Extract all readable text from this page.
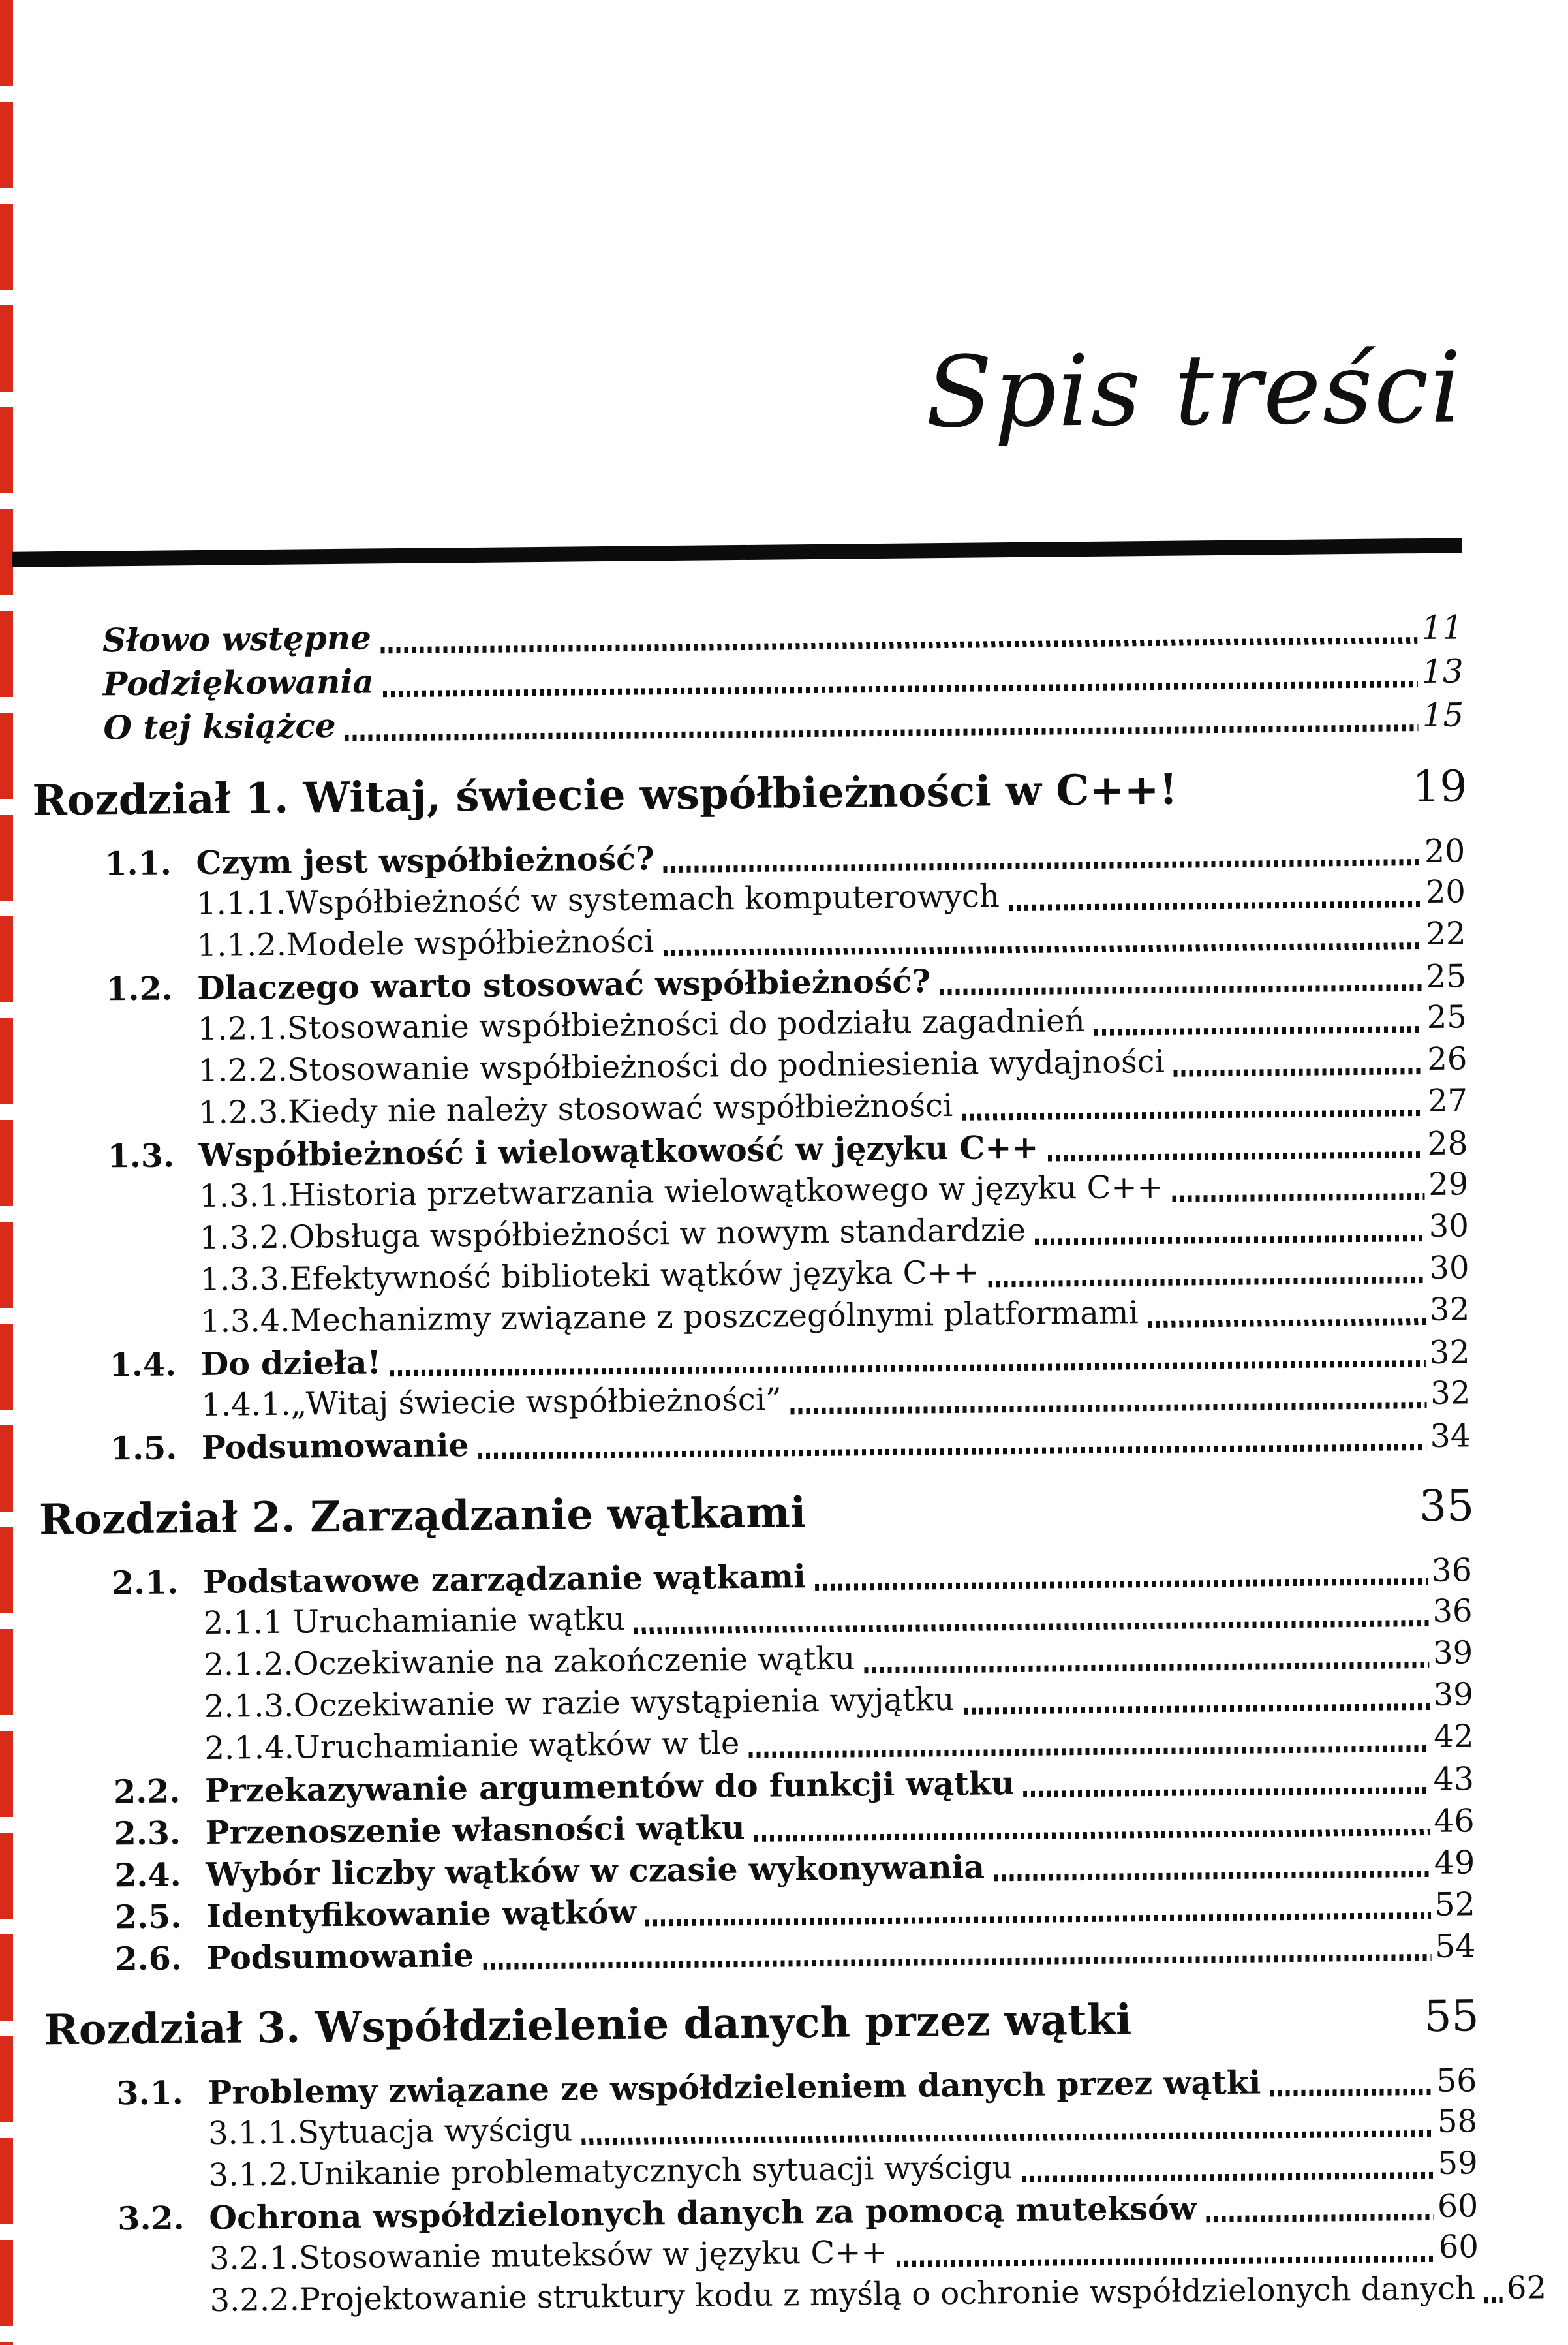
Spis treści
Słowo wstępne	11
Podziękowania	13
O tej książce	15
Rozdział 1. Witaj, świecie współbieżności w C++!	19
1.1. Czym jest współbieżność?	20
1.1.1. Współbieżność w systemach komputerowych	20
1.1.2. Modele współbieżności	22
1.2. Dlaczego warto stosować współbieżność?	25
1.2.1. Stosowanie współbieżności do podziału zagadnień	25
1.2.2. Stosowanie współbieżności do podniesienia wydajności	26
1.2.3. Kiedy nie należy stosować współbieżności	27
1.3. Współbieżność i wielowątkowość w języku C++	28
1.3.1. Historia przetwarzania wielowątkowego w języku C++	29
1.3.2. Obsługa współbieżności w nowym standardzie	30
1.3.3. Efektywność biblioteki wątków języka C++	30
1.3.4. Mechanizmy związane z poszczególnymi platformami	32
1.4. Do dzieła!	32
1.4.1. „Witaj świecie współbieżności”	32
1.5. Podsumowanie	34
Rozdział 2. Zarządzanie wątkami	35
2.1. Podstawowe zarządzanie wątkami	36
2.1.1 Uruchamianie wątku	36
2.1.2. Oczekiwanie na zakończenie wątku	39
2.1.3. Oczekiwanie w razie wystąpienia wyjątku	39
2.1.4. Uruchamianie wątków w tle	42
2.2. Przekazywanie argumentów do funkcji wątku	43
2.3. Przenoszenie własności wątku	46
2.4. Wybór liczby wątków w czasie wykonywania	49
2.5. Identyfikowanie wątków	52
2.6. Podsumowanie	54
Rozdział 3. Współdzielenie danych przez wątki	55
3.1. Problemy związane ze współdzieleniem danych przez wątki	56
3.1.1. Sytuacja wyścigu	58
3.1.2. Unikanie problematycznych sytuacji wyścigu	59
3.2. Ochrona współdzielonych danych za pomocą muteksów	60
3.2.1. Stosowanie muteksów w języku C++	60
3.2.2. Projektowanie struktury kodu z myślą o ochronie współdzielonych danych 62
